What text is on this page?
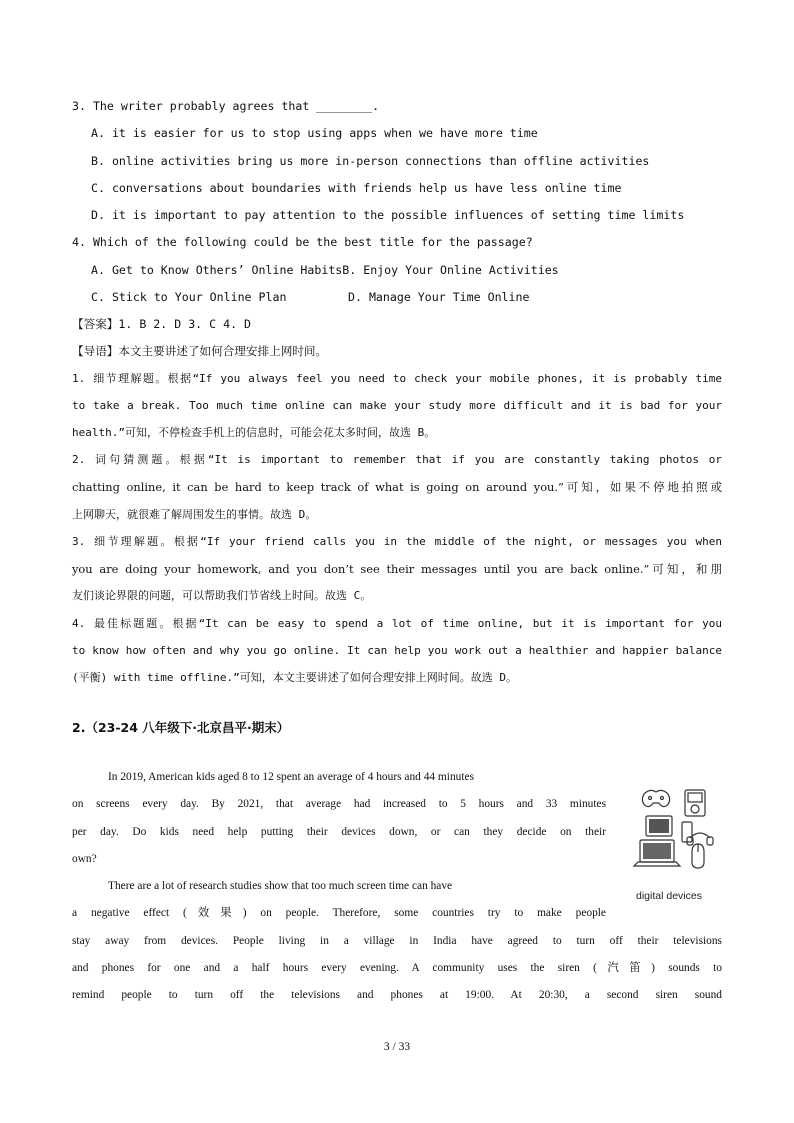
3. The writer probably agrees that ________.
A. it is easier for us to stop using apps when we have more time
B. online activities bring us more in-person connections than offline activities
C. conversations about boundaries with friends help us have less online time
D. it is important to pay attention to the possible influences of setting time limits
4. Which of the following could be the best title for the passage?
A. Get to Know Others’ Online HabitsB. Enjoy Your Online Activities
C. Stick to Your Online Plan	D. Manage Your Time Online
【答案】1. B 2. D 3. C 4. D
【导语】本文主要讲述了如何合理安排上网时间。
1. 细节理解题。根据“If you always feel you need to check your mobile phones, it is probably time
to take a break. Too much time online can make your study more difficult and it is bad for your
health.”可知，不停检查手机上的信息时，可能会花太多时间，故选 B。
2. 词句猜测题。根据“It is important to remember that if you are constantly taking photos or
chatting online, it can be hard to keep track of what is going on around you.”可知，如果不停地拍照或
上网聊天，就很难了解周围发生的事情。故选 D。
3. 细节理解题。根据“If your friend calls you in the middle of the night, or messages you when
you are doing your homework, and you don’t see their messages until you are back online.”可知，和朋
友们谈论界限的问题，可以帮助我们节省线上时间。故选 C。
4. 最佳标题题。根据“It can be easy to spend a lot of time online, but it is important for you
to know how often and why you go online. It can help you work out a healthier and happier balance
(平衡) with time offline.”可知，本文主要讲述了如何合理安排上网时间。故选 D。
2.（23-24 八年级下·北京昌平·期末）
In 2019, American kids aged 8 to 12 spent an average of 4 hours and 44 minutes
on screens every day. By 2021, that average had increased to 5 hours and 33 minutes
per day. Do kids need help putting their devices down, or can they decide on their
own?
There are a lot of research studies show that too much screen time can have
a negative effect (效果) on people. Therefore, some countries try to make people
stay away from devices. People living in a village in India have agreed to turn off their televisions
and phones for one and a half hours every evening. A community uses the siren (汽笛) sounds to
remind people to turn off the televisions and phones at 19:00. At 20:30, a second siren sound
digital devices
3 / 33
